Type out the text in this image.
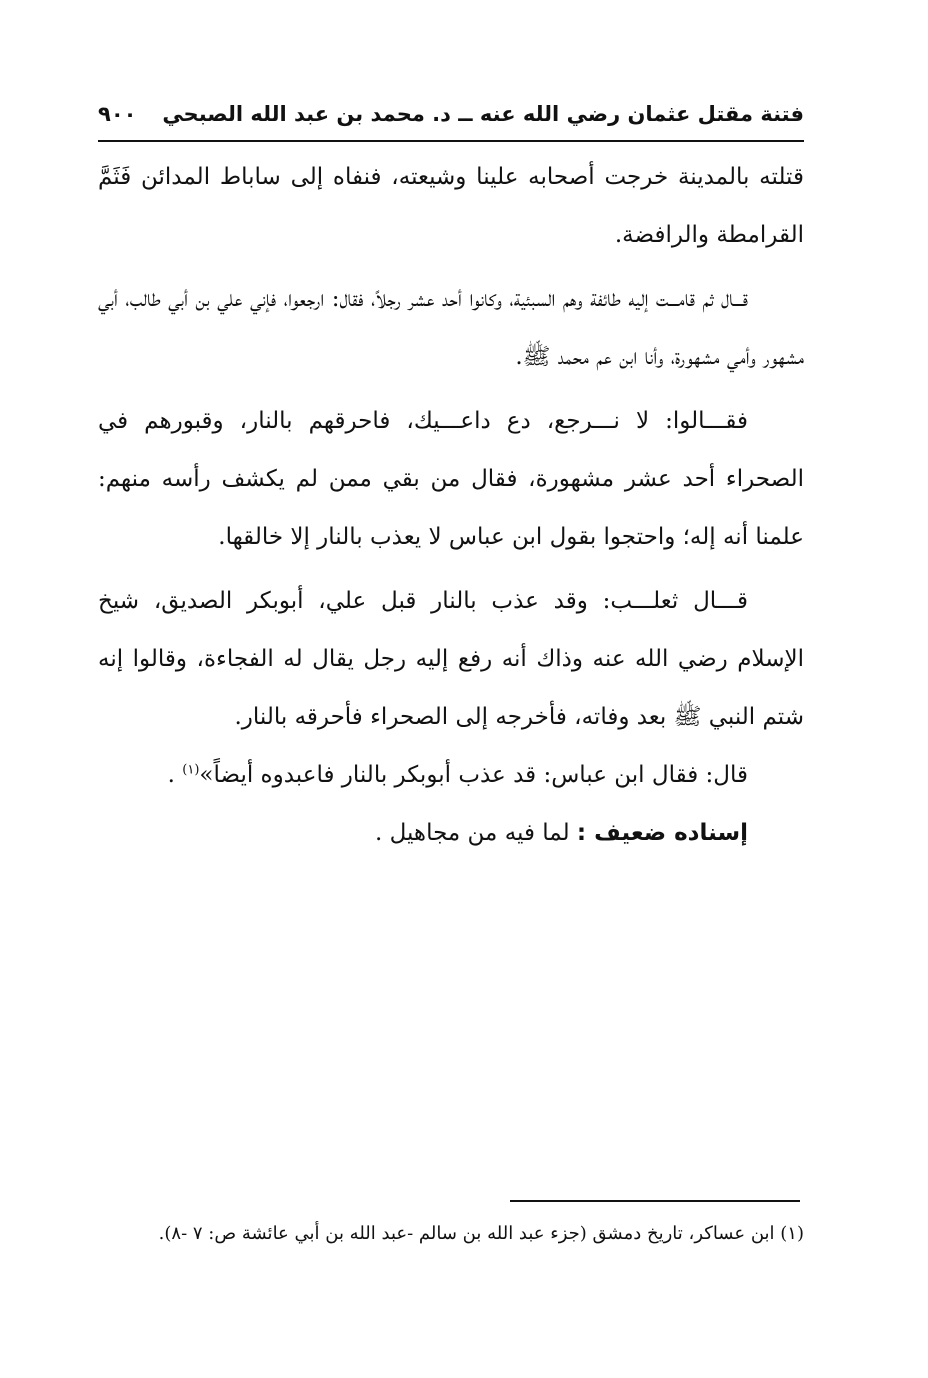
فتنة مقتل عثمان رضي الله عنه ــ د. محمد بن عبد الله الصبحي
٩٠٠

قتلته بالمدينة خرجت أصحابه علينا وشيعته، فنفاه إلى ساباط المدائن فَثَمَّ القرامطة والرافضة.

قـــال ثم قامـــت إليه طائفة وهم السبئية، وكانوا أحد عشر رجلاً، فقال: ارجعوا، فإني علي بن أبي طالب، أبي مشهور وأمي مشهورة، وأنا ابن عم محمد ﷺ.

فقـــالوا: لا نـــرجع، دع داعـــيك، فاحرقهم بالنار، وقبورهم في الصحراء أحد عشر مشهورة، فقال من بقي ممن لم يكشف رأسه منهم: علمنا أنه إله؛ واحتجوا بقول ابن عباس لا يعذب بالنار إلا خالقها.

قـــال ثعلـــب: وقد عذب بالنار قبل علي، أبوبكر الصديق، شيخ الإسلام رضي الله عنه وذاك أنه رفع إليه رجل يقال له الفجاءة، وقالوا إنه شتم النبي ﷺ بعد وفاته، فأخرجه إلى الصحراء فأحرقه بالنار.

قال: فقال ابن عباس: قد عذب أبوبكر بالنار فاعبدوه أيضاً»$^{(١)}$ .

إسناده ضعيف : لما فيه من مجاهيل .

(١) ابن عساكر، تاريخ دمشق (جزء عبد الله بن سالم -عبد الله بن أبي عائشة ص: ٧ -٨).
